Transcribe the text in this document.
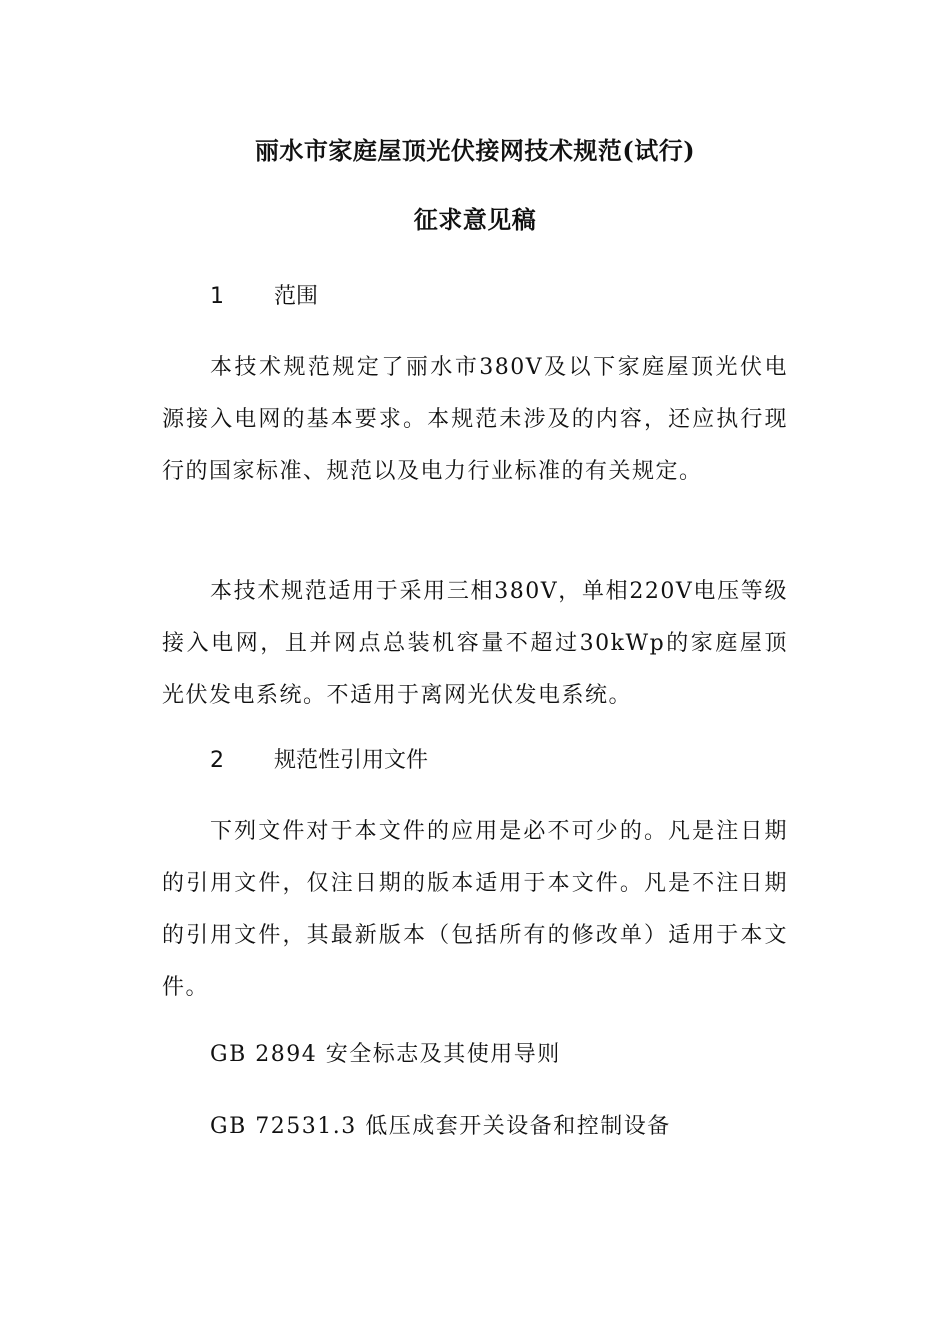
丽水市家庭屋顶光伏接网技术规范(试行)
征求意见稿
1 范围
本技术规范规定了丽水市380V及以下家庭屋顶光伏电源接入电网的基本要求。本规范未涉及的内容，还应执行现行的国家标准、规范以及电力行业标准的有关规定。
本技术规范适用于采用三相380V，单相220V电压等级接入电网，且并网点总装机容量不超过30kWp的家庭屋顶光伏发电系统。不适用于离网光伏发电系统。
2 规范性引用文件
下列文件对于本文件的应用是必不可少的。凡是注日期的引用文件，仅注日期的版本适用于本文件。凡是不注日期的引用文件，其最新版本（包括所有的修改单）适用于本文件。
GB 2894 安全标志及其使用导则
GB 72531.3 低压成套开关设备和控制设备
